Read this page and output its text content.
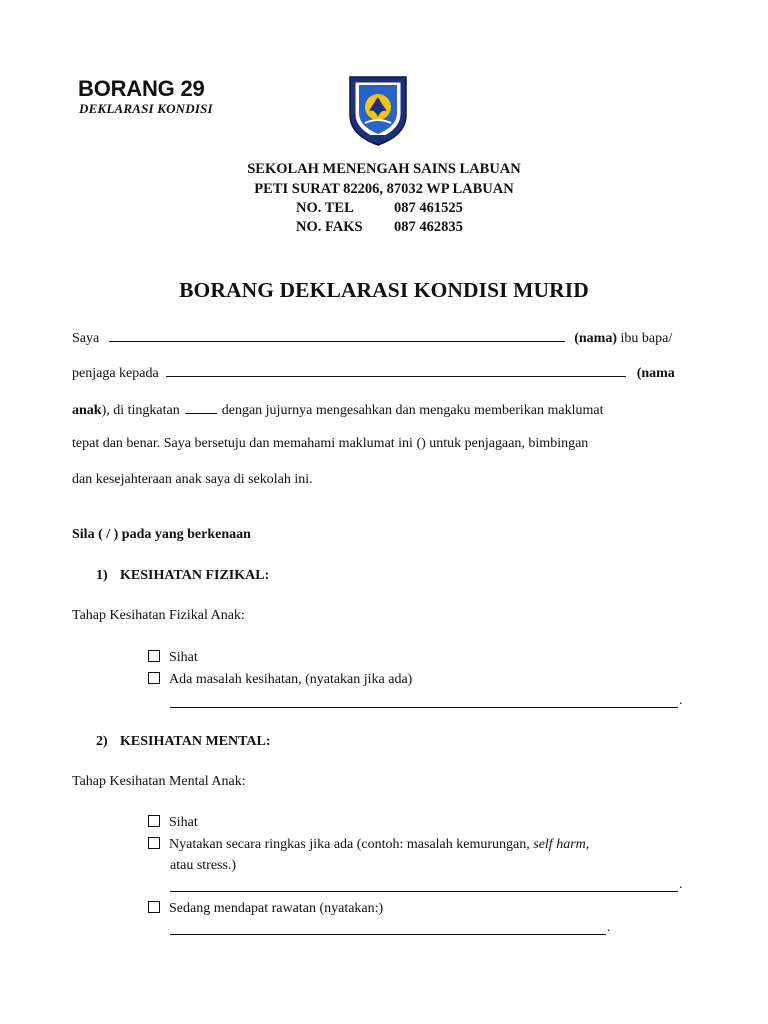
BORANG 29
DEKLARASI KONDISI
SEKOLAH MENENGAH SAINS LABUAN
PETI SURAT 82206, 87032 WP LABUAN
NO. TEL	087 461525
NO. FAKS 087 462835
BORANG DEKLARASI KONDISI MURID
Saya	(nama) ibu bapa/
penjaga kepada	(nama
anak), di tingkatan	dengan jujurnya mengesahkan dan mengaku memberikan maklumat
tepat dan benar. Saya bersetuju dan memahami maklumat ini () untuk penjagaan, bimbingan
dan kesejahteraan anak saya di sekolah ini.
Sila ( / ) pada yang berkenaan
1) KESIHATAN FIZIKAL:
Tahap Kesihatan Fizikal Anak:
Sihat
Ada masalah kesihatan, (nyatakan jika ada)
.
2) KESIHATAN MENTAL:
Tahap Kesihatan Mental Anak:
Sihat
Nyatakan secara ringkas jika ada (contoh: masalah kemurungan, self harm,
atau stress.)
.
Sedang mendapat rawatan (nyatakan:)
.
